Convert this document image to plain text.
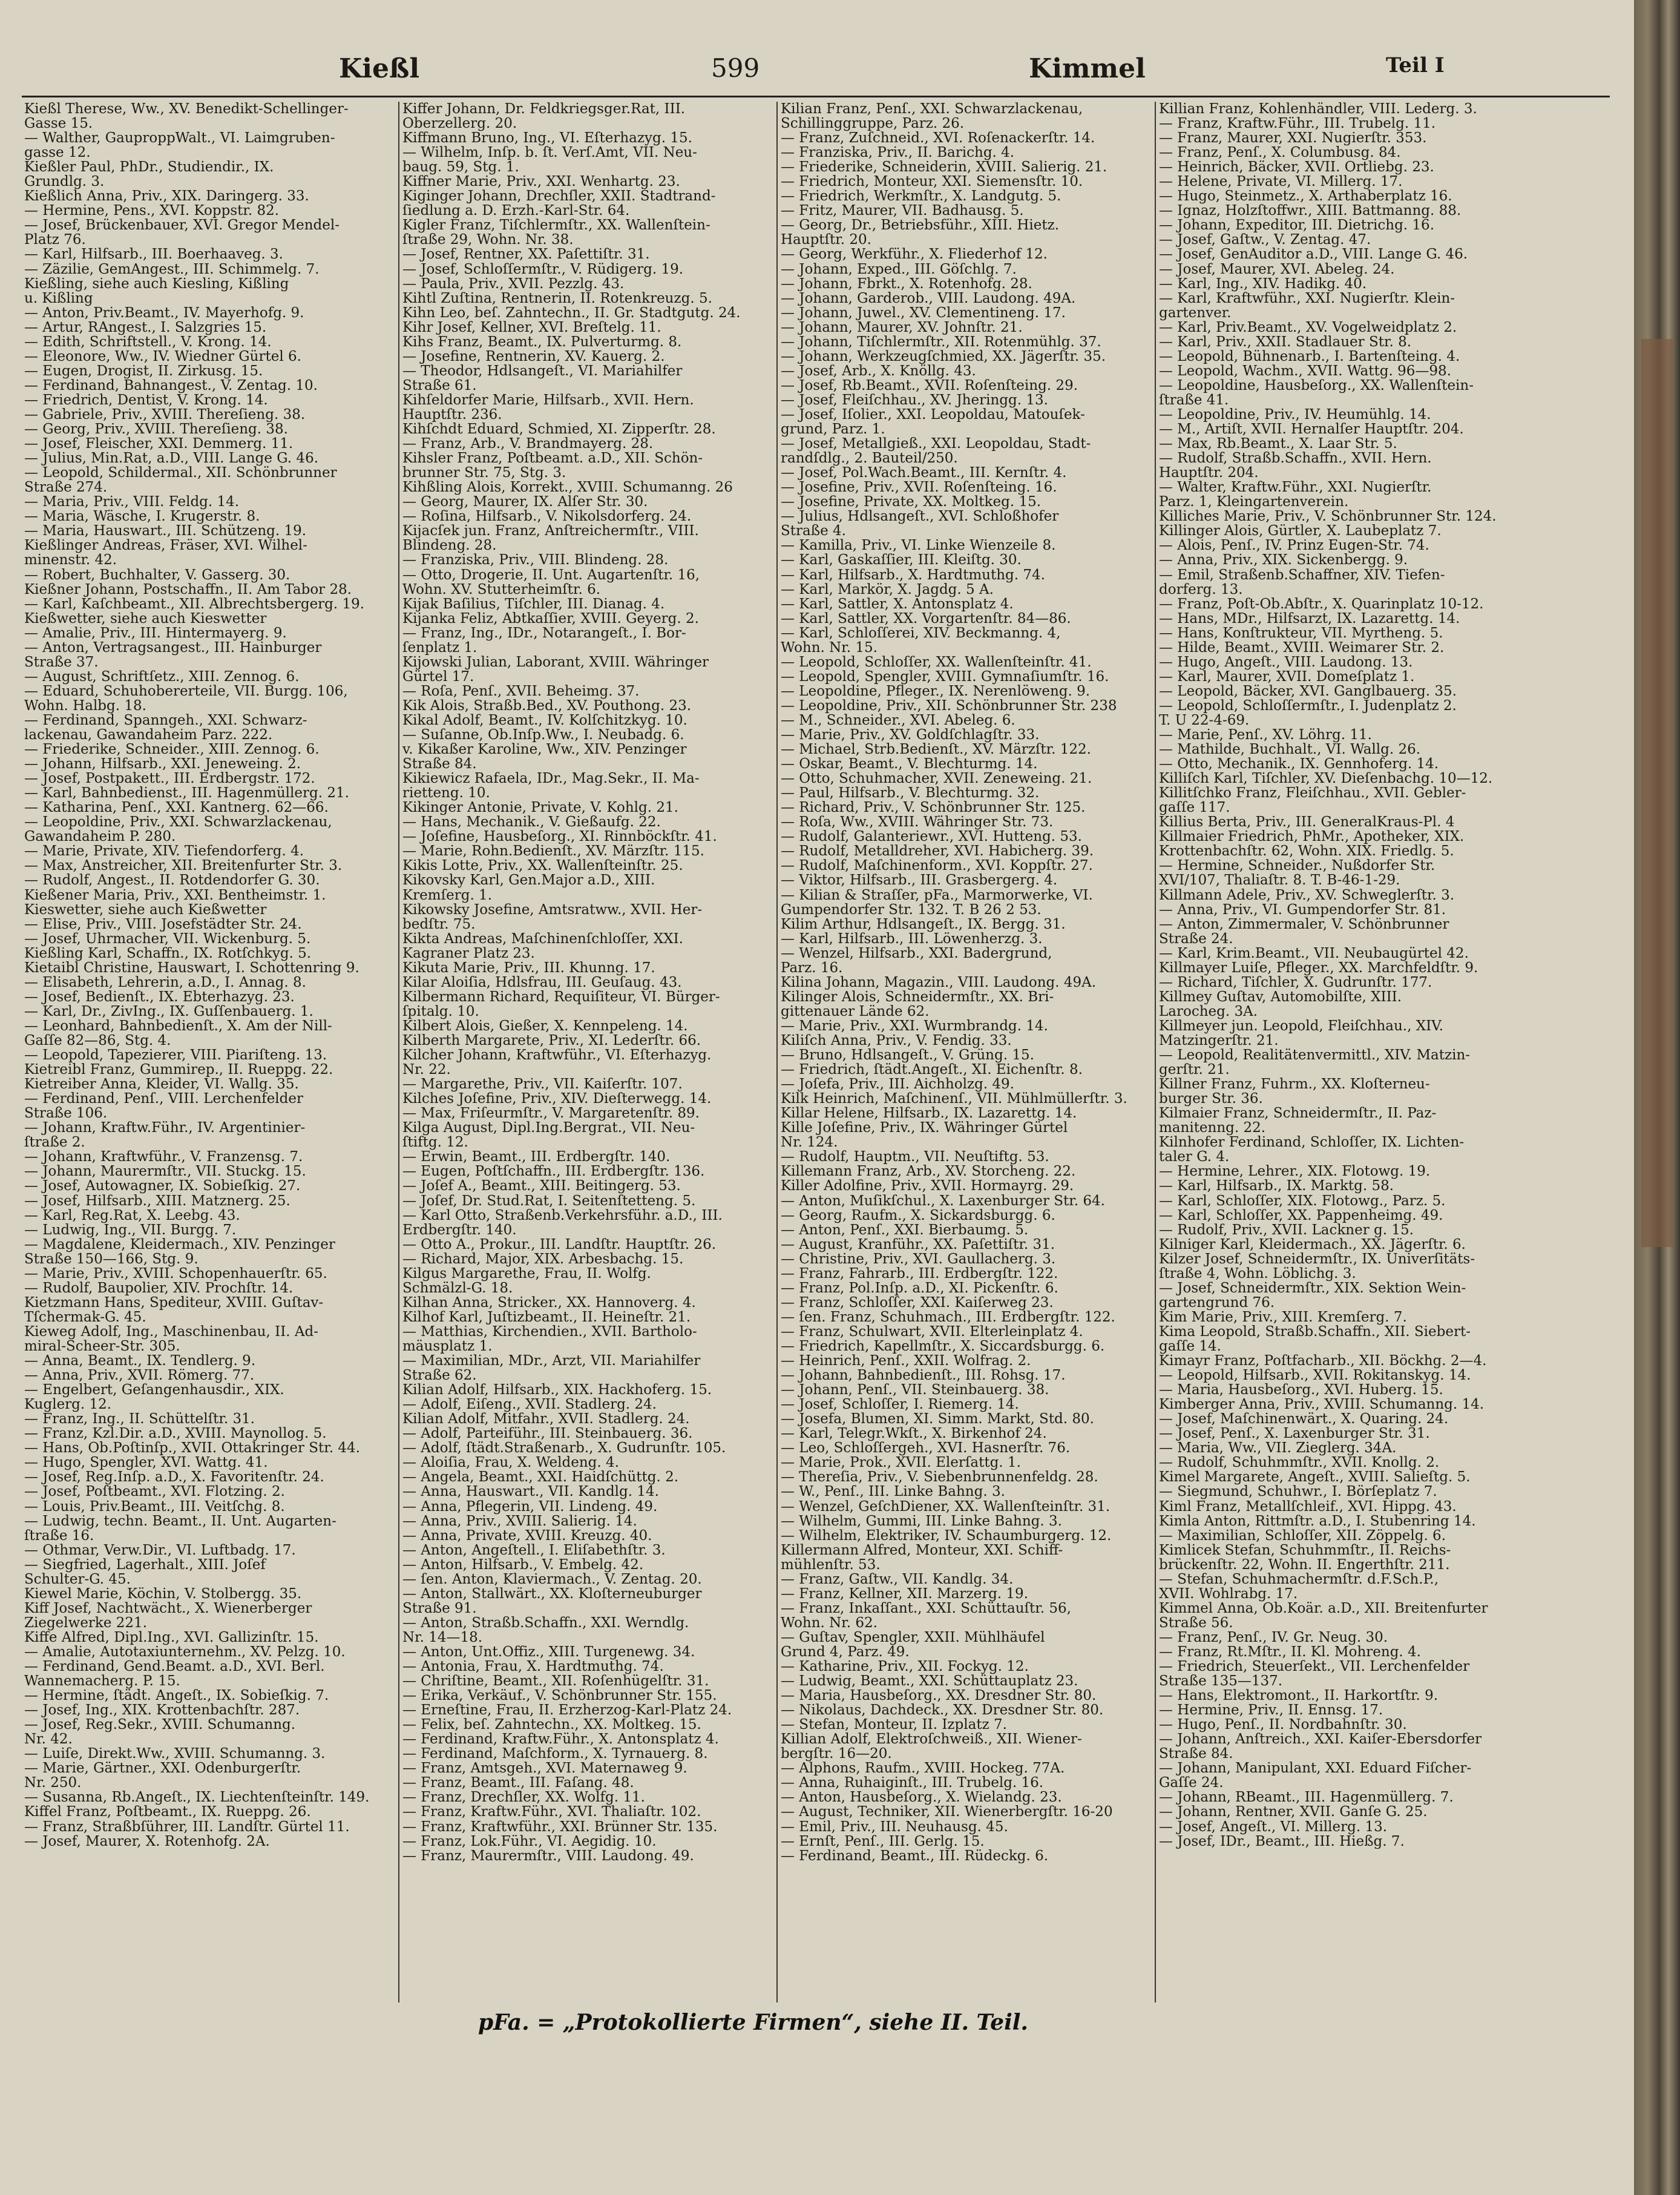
Kießl	599	Kimmel	Teil I
Kießl Therese, Ww., XV. Benedikt-Schellinger-
Gasse 15.
— Walther, GauproppWalt., VI. Laimgruben-
gasse 12.
Kießler Paul, PhDr., Studiendir., IX.
Grundlg. 3.
Kießlich Anna, Priv., XIX. Daringerg. 33.
— Hermine, Pens., XVI. Koppstr. 82.
— Josef, Brückenbauer, XVI. Gregor Mendel-
Platz 76.
— Karl, Hilfsarb., III. Boerhaaveg. 3.
— Zäzilie, GemAngest., III. Schimmelg. 7.
Kießling, siehe auch Kiesling, Kißling
u. Kißling
— Anton, Priv.Beamt., IV. Mayerhofg. 9.
— Artur, RAngest., I. Salzgries 15.
— Edith, Schriftstell., V. Krong. 14.
— Eleonore, Ww., IV. Wiedner Gürtel 6.
— Eugen, Drogist, II. Zirkusg. 15.
— Ferdinand, Bahnangest., V. Zentag. 10.
— Friedrich, Dentist, V. Krong. 14.
— Gabriele, Priv., XVIII. Thereſieng. 38.
— Georg, Priv., XVIII. Thereſieng. 38.
— Josef, Fleischer, XXI. Demmerg. 11.
— Julius, Min.Rat, a.D., VIII. Lange G. 46.
— Leopold, Schildermal., XII. Schönbrunner
Straße 274.
— Maria, Priv., VIII. Feldg. 14.
— Maria, Wäsche, I. Krugerstr. 8.
— Maria, Hauswart., III. Schützeng. 19.
Kießlinger Andreas, Fräser, XVI. Wilhel-
minenstr. 42.
— Robert, Buchhalter, V. Gasserg. 30.
Kießner Johann, Postschaffn., II. Am Tabor 28.
— Karl, Kaſchbeamt., XII. Albrechtsbergerg. 19.
Kießwetter, siehe auch Kieswetter
— Amalie, Priv., III. Hintermayerg. 9.
— Anton, Vertragsangest., III. Hainburger
Straße 37.
— August, Schriftſetz., XIII. Zennog. 6.
— Eduard, Schuhobererteile, VII. Burgg. 106,
Wohn. Halbg. 18.
— Ferdinand, Spanngeh., XXI. Schwarz-
lackenau, Gawandaheim Parz. 222.
— Friederike, Schneider., XIII. Zennog. 6.
— Johann, Hilfsarb., XXI. Jeneweing. 2.
— Josef, Postpakett., III. Erdbergstr. 172.
— Karl, Bahnbedienst., III. Hagenmüllerg. 21.
— Katharina, Penſ., XXI. Kantnerg. 62—66.
— Leopoldine, Priv., XXI. Schwarzlackenau,
Gawandaheim P. 280.
— Marie, Private, XIV. Tiefendorferg. 4.
— Max, Anstreicher, XII. Breitenfurter Str. 3.
— Rudolf, Angest., II. Rotdendorfer G. 30.
Kießener Maria, Priv., XXI. Bentheimstr. 1.
Kieswetter, siehe auch Kießwetter
— Elise, Priv., VIII. Josefstädter Str. 24.
— Josef, Uhrmacher, VII. Wickenburg. 5.
Kießling Karl, Schaffn., IX. Rotſchkyg. 5.
Kietaibl Christine, Hauswart, I. Schottenring 9.
— Elisabeth, Lehrerin, a.D., I. Annag. 8.
— Josef, Bedienſt., IX. Ebterhazyg. 23.
— Karl, Dr., ZivIng., IX. Guſſenbauerg. 1.
— Leonhard, Bahnbedienſt., X. Am der Nill-
Gaſſe 82—86, Stg. 4.
— Leopold, Tapezierer, VIII. Piariſteng. 13.
Kietreibl Franz, Gummirep., II. Rueppg. 22.
Kietreiber Anna, Kleider, VI. Wallg. 35.
— Ferdinand, Penſ., VIII. Lerchenfelder
Straße 106.
— Johann, Kraftw.Führ., IV. Argentinier-
ſtraße 2.
— Johann, Kraftwführ., V. Franzensg. 7.
— Johann, Maurermſtr., VII. Stuckg. 15.
— Josef, Autowagner, IX. Sobieſkig. 27.
— Josef, Hilfsarb., XIII. Matznerg. 25.
— Karl, Reg.Rat, X. Leebg. 43.
— Ludwig, Ing., VII. Burgg. 7.
— Magdalene, Kleidermach., XIV. Penzinger
Straße 150—166, Stg. 9.
— Marie, Priv., XVIII. Schopenhauerſtr. 65.
— Rudolf, Baupolier, XIV. Prochſtr. 14.
Kietzmann Hans, Spediteur, XVIII. Guſtav-
Tſchermak-G. 45.
Kieweg Adolf, Ing., Maschinenbau, II. Ad-
miral-Scheer-Str. 305.
— Anna, Beamt., IX. Tendlerg. 9.
— Anna, Priv., XVII. Römerg. 77.
— Engelbert, Geſangenhausdir., XIX.
Kuglerg. 12.
— Franz, Ing., II. Schüttelſtr. 31.
— Franz, Kzl.Dir. a.D., XVIII. Maynollog. 5.
— Hans, Ob.Poſtinſp., XVII. Ottakringer Str. 44.
— Hugo, Spengler, XVI. Wattg. 41.
— Josef, Reg.Inſp. a.D., X. Favoritenſtr. 24.
— Josef, Poſtbeamt., XVI. Flotzing. 2.
— Louis, Priv.Beamt., III. Veitſchg. 8.
— Ludwig, techn. Beamt., II. Unt. Augarten-
ſtraße 16.
— Othmar, Verw.Dir., VI. Luftbadg. 17.
— Siegfried, Lagerhalt., XIII. Joſef
Schulter-G. 45.
Kiewel Marie, Köchin, V. Stolbergg. 35.
Kiff Josef, Nachtwächt., X. Wienerberger
Ziegelwerke 221.
Kiffe Alfred, Dipl.Ing., XVI. Gallizinſtr. 15.
— Amalie, Autotaxiunternehm., XV. Pelzg. 10.
— Ferdinand, Gend.Beamt. a.D., XVI. Berl.
Wannemacherg. P. 15.
— Hermine, ſtädt. Angeſt., IX. Sobieſkig. 7.
— Josef, Ing., XIX. Krottenbachſtr. 287.
— Josef, Reg.Sekr., XVIII. Schumanng.
Nr. 42.
— Luiſe, Direkt.Ww., XVIII. Schumanng. 3.
— Marie, Gärtner., XXI. Odenburgerſtr.
Nr. 250.
— Susanna, Rb.Angeſt., IX. Liechtenſteinſtr. 149.
Kiffel Franz, Poſtbeamt., IX. Rueppg. 26.
— Franz, Straßbſührer, III. Landſtr. Gürtel 11.
— Josef, Maurer, X. Rotenhofg. 2A.
Kiffer Johann, Dr. Feldkriegsger.Rat, III.
Oberzellerg. 20.
Kiffmann Bruno, Ing., VI. Eſterhazyg. 15.
— Wilhelm, Inſp. b. ſt. Verſ.Amt, VII. Neu-
baug. 59, Stg. 1.
Kiffner Marie, Priv., XXI. Wenhartg. 23.
Kiginger Johann, Drechſler, XXII. Stadtrand-
ſiedlung a. D. Erzh.-Karl-Str. 64.
Kigler Franz, Tiſchlermſtr., XX. Wallenſtein-
ſtraße 29, Wohn. Nr. 38.
— Josef, Rentner, XX. Paſettiſtr. 31.
— Josef, Schloſſermſtr., V. Rüdigerg. 19.
— Paula, Priv., XVII. Pezzlg. 43.
Kihtl Zuſtina, Rentnerin, II. Rotenkreuzg. 5.
Kihn Leo, beſ. Zahntechn., II. Gr. Stadtgutg. 24.
Kihr Josef, Kellner, XVI. Breſtelg. 11.
Kihs Franz, Beamt., IX. Pulverturmg. 8.
— Josefine, Rentnerin, XV. Kauerg. 2.
— Theodor, Hdlsangeſt., VI. Mariahilfer
Straße 61.
Kihſeldorfer Marie, Hilfsarb., XVII. Hern.
Hauptſtr. 236.
Kihſchdt Eduard, Schmied, XI. Zipperſtr. 28.
— Franz, Arb., V. Brandmayerg. 28.
Kihsler Franz, Poſtbeamt. a.D., XII. Schön-
brunner Str. 75, Stg. 3.
Kihßling Alois, Korrekt., XVIII. Schumanng. 26
— Georg, Maurer, IX. Alſer Str. 30.
— Roſina, Hilfsarb., V. Nikolsdorferg. 24.
Kijacſek jun. Franz, Anſtreichermſtr., VIII.
Blindeng. 28.
— Franziska, Priv., VIII. Blindeng. 28.
— Otto, Drogerie, II. Unt. Augartenſtr. 16,
Wohn. XV. Stutterheimſtr. 6.
Kijak Baſilius, Tiſchler, III. Dianag. 4.
Kijanka Feliz, Abtkaſſier, XVIII. Geyerg. 2.
— Franz, Ing., IDr., Notarangeſt., I. Bor-
ſenplatz 1.
Kijowski Julian, Laborant, XVIII. Währinger
Gürtel 17.
— Roſa, Penſ., XVII. Beheimg. 37.
Kik Alois, Straßb.Bed., XV. Pouthong. 23.
Kikal Adolf, Beamt., IV. Kolſchitzkyg. 10.
— Suſanne, Ob.Inſp.Ww., I. Neubadg. 6.
v. Kikaßer Karoline, Ww., XIV. Penzinger
Straße 84.
Kikiewicz Rafaela, IDr., Mag.Sekr., II. Ma-
rietteng. 10.
Kikinger Antonie, Private, V. Kohlg. 21.
— Hans, Mechanik., V. Gießaufg. 22.
— Joſefine, Hausbeſorg., XI. Rinnböckſtr. 41.
— Marie, Rohn.Bedienſt., XV. Märzſtr. 115.
Kikis Lotte, Priv., XX. Wallenſteinſtr. 25.
Kikovsky Karl, Gen.Major a.D., XIII.
Kremſerg. 1.
Kikowsky Josefine, Amtsratww., XVII. Her-
bedſtr. 75.
Kikta Andreas, Maſchinenſchloſſer, XXI.
Kagraner Platz 23.
Kikuta Marie, Priv., III. Khunng. 17.
Kilar Aloiſia, Hdlsfrau, III. Geuſaug. 43.
Kilbermann Richard, Requiſiteur, VI. Bürger-
ſpitalg. 10.
Kilbert Alois, Gießer, X. Kennpeleng. 14.
Kilberth Margarete, Priv., XI. Lederſtr. 66.
Kilcher Johann, Kraftwführ., VI. Eſterhazyg.
Nr. 22.
— Margarethe, Priv., VII. Kaiſerſtr. 107.
Kilches Joſefine, Priv., XIV. Dieſterwegg. 14.
— Max, Friſeurmſtr., V. Margaretenſtr. 89.
Kilga August, Dipl.Ing.Bergrat., VII. Neu-
ſtiftg. 12.
— Erwin, Beamt., III. Erdbergſtr. 140.
— Eugen, Poſtſchaffn., III. Erdbergſtr. 136.
— Joſef A., Beamt., XIII. Beitingerg. 53.
— Joſef, Dr. Stud.Rat, I. Seitenſtetteng. 5.
— Karl Otto, Straßenb.Verkehrsführ. a.D., III.
Erdbergſtr. 140.
— Otto A., Prokur., III. Landſtr. Hauptſtr. 26.
— Richard, Major, XIX. Arbesbachg. 15.
Kilgus Margarethe, Frau, II. Wolfg.
Schmälzl-G. 18.
Kilhan Anna, Stricker., XX. Hannoverg. 4.
Kilhof Karl, Juſtizbeamt., II. Heineſtr. 21.
— Matthias, Kirchendien., XVII. Bartholo-
mäusplatz 1.
— Maximilian, MDr., Arzt, VII. Mariahilfer
Straße 62.
Kilian Adolf, Hilfsarb., XIX. Hackhoferg. 15.
— Adolf, Eiſeng., XVII. Stadlerg. 24.
Kilian Adolf, Mitfahr., XVII. Stadlerg. 24.
— Adolf, Parteiführ., III. Steinbauerg. 36.
— Adolf, ſtädt.Straßenarb., X. Gudrunſtr. 105.
— Aloiſia, Frau, X. Weldeng. 4.
— Angela, Beamt., XXI. Haidſchüttg. 2.
— Anna, Hauswart., VII. Kandlg. 14.
— Anna, Pflegerin, VII. Lindeng. 49.
— Anna, Priv., XVIII. Salierig. 14.
— Anna, Private, XVIII. Kreuzg. 40.
— Anton, Angeſtell., I. Eliſabethſtr. 3.
— Anton, Hilfsarb., V. Embelg. 42.
— ſen. Anton, Klaviermach., V. Zentag. 20.
— Anton, Stallwärt., XX. Kloſterneuburger
Straße 91.
— Anton, Straßb.Schaffn., XXI. Werndlg.
Nr. 14—18.
— Anton, Unt.Offiz., XIII. Turgenewg. 34.
— Antonia, Frau, X. Hardtmuthg. 74.
— Chriſtine, Beamt., XII. Roſenhügelſtr. 31.
— Erika, Verkäuf., V. Schönbrunner Str. 155.
— Erneſtine, Frau, II. Erzherzog-Karl-Platz 24.
— Felix, beſ. Zahntechn., XX. Moltkeg. 15.
— Ferdinand, Kraftw.Führ., X. Antonsplatz 4.
— Ferdinand, Maſchform., X. Tyrnauerg. 8.
— Franz, Amtsgeh., XVI. Maternaweg 9.
— Franz, Beamt., III. Faſang. 48.
— Franz, Drechſler, XX. Wolfg. 11.
— Franz, Kraftw.Führ., XVI. Thaliaſtr. 102.
— Franz, Kraftwführ., XXI. Brünner Str. 135.
— Franz, Lok.Führ., VI. Aegidig. 10.
— Franz, Maurermſtr., VIII. Laudong. 49.
Kilian Franz, Penſ., XXI. Schwarzlackenau,
Schillinggruppe, Parz. 26.
— Franz, Zuſchneid., XVI. Roſenackerſtr. 14.
— Franziska, Priv., II. Barichg. 4.
— Friederike, Schneiderin, XVIII. Salierig. 21.
— Friedrich, Monteur, XXI. Siemensſtr. 10.
— Friedrich, Werkmſtr., X. Landgutg. 5.
— Fritz, Maurer, VII. Badhausg. 5.
— Georg, Dr., Betriebsführ., XIII. Hietz.
Hauptſtr. 20.
— Georg, Werkführ., X. Fliederhof 12.
— Johann, Exped., III. Göſchlg. 7.
— Johann, Fbrkt., X. Rotenhofg. 28.
— Johann, Garderob., VIII. Laudong. 49A.
— Johann, Juwel., XV. Clementineng. 17.
— Johann, Maurer, XV. Johnſtr. 21.
— Johann, Tiſchlermſtr., XII. Rotenmühlg. 37.
— Johann, Werkzeugſchmied, XX. Jägerſtr. 35.
— Josef, Arb., X. Knöllg. 43.
— Josef, Rb.Beamt., XVII. Roſenſteing. 29.
— Josef, Fleiſchhau., XV. Jheringg. 13.
— Josef, Iſolier., XXI. Leopoldau, Matouſek-
grund, Parz. 1.
— Josef, Metallgieß., XXI. Leopoldau, Stadt-
randſdlg., 2. Bauteil/250.
— Josef, Pol.Wach.Beamt., III. Kernſtr. 4.
— Josefine, Priv., XVII. Roſenſteing. 16.
— Josefine, Private, XX. Moltkeg. 15.
— Julius, Hdlsangeſt., XVI. Schloßhofer
Straße 4.
— Kamilla, Priv., VI. Linke Wienzeile 8.
— Karl, Gaskaſſier, III. Kleiſtg. 30.
— Karl, Hilfsarb., X. Hardtmuthg. 74.
— Karl, Markör, X. Jagdg. 5 A.
— Karl, Sattler, X. Antonsplatz 4.
— Karl, Sattler, XX. Vorgartenſtr. 84—86.
— Karl, Schloſſerei, XIV. Beckmanng. 4,
Wohn. Nr. 15.
— Leopold, Schloſſer, XX. Wallenſteinſtr. 41.
— Leopold, Spengler, XVIII. Gymnaſiumſtr. 16.
— Leopoldine, Pfleger., IX. Nerenlöweng. 9.
— Leopoldine, Priv., XII. Schönbrunner Str. 238
— M., Schneider., XVI. Abeleg. 6.
— Marie, Priv., XV. Goldſchlagſtr. 33.
— Michael, Strb.Bedienſt., XV. Märzſtr. 122.
— Oskar, Beamt., V. Blechturmg. 14.
— Otto, Schuhmacher, XVII. Zeneweing. 21.
— Paul, Hilfsarb., V. Blechturmg. 32.
— Richard, Priv., V. Schönbrunner Str. 125.
— Roſa, Ww., XVIII. Währinger Str. 73.
— Rudolf, Galanteriewr., XVI. Hutteng. 53.
— Rudolf, Metalldreher, XVI. Habicherg. 39.
— Rudolf, Maſchinenform., XVI. Koppſtr. 27.
— Viktor, Hilfsarb., III. Grasbergerg. 4.
— Kilian & Straſſer, pFa., Marmorwerke, VI.
Gumpendorfer Str. 132. T. B 26 2 53.
Kilim Arthur, Hdlsangeſt., IX. Bergg. 31.
— Karl, Hilfsarb., III. Löwenherzg. 3.
— Wenzel, Hilfsarb., XXI. Badergrund,
Parz. 16.
Kilina Johann, Magazin., VIII. Laudong. 49A.
Kilinger Alois, Schneidermſtr., XX. Bri-
gittenauer Lände 62.
— Marie, Priv., XXI. Wurmbrandg. 14.
Kiliſch Anna, Priv., V. Fendig. 33.
— Bruno, Hdlsangeſt., V. Grüng. 15.
— Friedrich, ſtädt.Angeſt., XI. Eichenſtr. 8.
— Joſefa, Priv., III. Aichholzg. 49.
Kilk Heinrich, Maſchinenſ., VII. Mühlmüllerſtr. 3.
Killar Helene, Hilfsarb., IX. Lazarettg. 14.
Kille Joſefine, Priv., IX. Währinger Gürtel
Nr. 124.
— Rudolf, Hauptm., VII. Neuſtiftg. 53.
Killemann Franz, Arb., XV. Storcheng. 22.
Killer Adolfine, Priv., XVII. Hormayrg. 29.
— Anton, Muſikſchul., X. Laxenburger Str. 64.
— Georg, Raufm., X. Sickardsburgg. 6.
— Anton, Penſ., XXI. Bierbaumg. 5.
— August, Kranführ., XX. Paſettiſtr. 31.
— Christine, Priv., XVI. Gaullacherg. 3.
— Franz, Fahrarb., III. Erdbergſtr. 122.
— Franz, Pol.Inſp. a.D., XI. Pickenſtr. 6.
— Franz, Schloſſer, XXI. Kaiſerweg 23.
— ſen. Franz, Schuhmach., III. Erdbergſtr. 122.
— Franz, Schulwart, XVII. Elterleinplatz 4.
— Friedrich, Kapellmſtr., X. Siccardsburgg. 6.
— Heinrich, Penſ., XXII. Wolfrag. 2.
— Johann, Bahnbedienſt., III. Rohsg. 17.
— Johann, Penſ., VII. Steinbauerg. 38.
— Josef, Schloſſer, I. Riemerg. 14.
— Josefa, Blumen, XI. Simm. Markt, Std. 80.
— Karl, Telegr.Wkſt., X. Birkenhof 24.
— Leo, Schloſſergeh., XVI. Hasnerſtr. 76.
— Marie, Prok., XVII. Elerſattg. 1.
— Thereſia, Priv., V. Siebenbrunnenfeldg. 28.
— W., Penſ., III. Linke Bahng. 3.
— Wenzel, GeſchDiener, XX. Wallenſteinſtr. 31.
— Wilhelm, Gummi, III. Linke Bahng. 3.
— Wilhelm, Elektriker, IV. Schaumburgerg. 12.
Killermann Alfred, Monteur, XXI. Schiff-
mühlenſtr. 53.
— Franz, Gaſtw., VII. Kandlg. 34.
— Franz, Kellner, XII. Marzerg. 19.
— Franz, Inkaſſant., XXI. Schüttauſtr. 56,
Wohn. Nr. 62.
— Guſtav, Spengler, XXII. Mühlhäufel
Grund 4, Parz. 49.
— Katharine, Priv., XII. Fockyg. 12.
— Ludwig, Beamt., XXI. Schüttauplatz 23.
— Maria, Hausbeſorg., XX. Dresdner Str. 80.
— Nikolaus, Dachdeck., XX. Dresdner Str. 80.
— Stefan, Monteur, II. Izplatz 7.
Killian Adolf, Elektroſchweiß., XII. Wiener-
bergſtr. 16—20.
— Alphons, Raufm., XVIII. Hockeg. 77A.
— Anna, Ruhaiginſt., III. Trubelg. 16.
— Anton, Hausbeſorg., X. Wielandg. 23.
— August, Techniker, XII. Wienerbergſtr. 16-20
— Emil, Priv., III. Neuhausg. 45.
— Ernſt, Penſ., III. Gerlg. 15.
— Ferdinand, Beamt., III. Rüdeckg. 6.
Killian Franz, Kohlenhändler, VIII. Lederg. 3.
— Franz, Kraftw.Führ., III. Trubelg. 11.
— Franz, Maurer, XXI. Nugierſtr. 353.
— Franz, Penſ., X. Columbusg. 84.
— Heinrich, Bäcker, XVII. Ortliebg. 23.
— Helene, Private, VI. Millerg. 17.
— Hugo, Steinmetz., X. Arthaberplatz 16.
— Ignaz, Holzſtoffwr., XIII. Battmanng. 88.
— Johann, Expeditor, III. Dietrichg. 16.
— Josef, Gaſtw., V. Zentag. 47.
— Josef, GenAuditor a.D., VIII. Lange G. 46.
— Josef, Maurer, XVI. Abeleg. 24.
— Karl, Ing., XIV. Hadikg. 40.
— Karl, Kraftwführ., XXI. Nugierſtr. Klein-
gartenver.
— Karl, Priv.Beamt., XV. Vogelweidplatz 2.
— Karl, Priv., XXII. Stadlauer Str. 8.
— Leopold, Bühnenarb., I. Bartenſteing. 4.
— Leopold, Wachm., XVII. Wattg. 96—98.
— Leopoldine, Hausbeſorg., XX. Wallenſtein-
ſtraße 41.
— Leopoldine, Priv., IV. Heumühlg. 14.
— M., Artiſt, XVII. Hernalſer Hauptſtr. 204.
— Max, Rb.Beamt., X. Laar Str. 5.
— Rudolf, Straßb.Schaffn., XVII. Hern.
Hauptſtr. 204.
— Walter, Kraftw.Führ., XXI. Nugierſtr.
Parz. 1, Kleingartenverein.
Killiches Marie, Priv., V. Schönbrunner Str. 124.
Killinger Alois, Gürtler, X. Laubeplatz 7.
— Alois, Penſ., IV. Prinz Eugen-Str. 74.
— Anna, Priv., XIX. Sickenbergg. 9.
— Emil, Straßenb.Schaffner, XIV. Tiefen-
dorferg. 13.
— Franz, Poſt-Ob.Abſtr., X. Quarinplatz 10-12.
— Hans, MDr., Hilfsarzt, IX. Lazarettg. 14.
— Hans, Konſtrukteur, VII. Myrtheng. 5.
— Hilde, Beamt., XVIII. Weimarer Str. 2.
— Hugo, Angeſt., VIII. Laudong. 13.
— Karl, Maurer, XVII. Domeſplatz 1.
— Leopold, Bäcker, XVI. Ganglbauerg. 35.
— Leopold, Schloſſermſtr., I. Judenplatz 2.
T. U 22-4-69.
— Marie, Penſ., XV. Löhrg. 11.
— Mathilde, Buchhalt., VI. Wallg. 26.
— Otto, Mechanik., IX. Gennhoferg. 14.
Killiſch Karl, Tiſchler, XV. Dieſenbachg. 10—12.
Killitſchko Franz, Fleiſchhau., XVII. Gebler-
gaſſe 117.
Killius Berta, Priv., III. GeneralKraus-Pl. 4
Killmaier Friedrich, PhMr., Apotheker, XIX.
Krottenbachſtr. 62, Wohn. XIX. Friedlg. 5.
— Hermine, Schneider., Nußdorfer Str.
XVI/107, Thaliaſtr. 8. T. B-46-1-29.
Killmann Adele, Priv., XV. Schweglerſtr. 3.
— Anna, Priv., VI. Gumpendorfer Str. 81.
— Anton, Zimmermaler, V. Schönbrunner
Straße 24.
— Karl, Krim.Beamt., VII. Neubaugürtel 42.
Killmayer Luiſe, Pfleger., XX. Marchfeldſtr. 9.
— Richard, Tiſchler, X. Gudrunſtr. 177.
Killmey Guſtav, Automobilſte, XIII.
Larocheg. 3A.
Killmeyer jun. Leopold, Fleiſchhau., XIV.
Matzingerſtr. 21.
— Leopold, Realitätenvermittl., XIV. Matzin-
gerſtr. 21.
Killner Franz, Fuhrm., XX. Kloſterneu-
burger Str. 36.
Kilmaier Franz, Schneidermſtr., II. Paz-
manitenng. 22.
Kilnhofer Ferdinand, Schloſſer, IX. Lichten-
taler G. 4.
— Hermine, Lehrer., XIX. Flotowg. 19.
— Karl, Hilfsarb., IX. Marktg. 58.
— Karl, Schloſſer, XIX. Flotowg., Parz. 5.
— Karl, Schloſſer, XX. Pappenheimg. 49.
— Rudolf, Priv., XVII. Lackner g. 15.
Kilniger Karl, Kleidermach., XX. Jägerſtr. 6.
Kilzer Josef, Schneidermſtr., IX. Univerſitäts-
ſtraße 4, Wohn. Löblichg. 3.
— Josef, Schneidermſtr., XIX. Sektion Wein-
gartengrund 76.
Kim Marie, Priv., XIII. Kremſerg. 7.
Kima Leopold, Straßb.Schaffn., XII. Siebert-
gaſſe 14.
Kimayr Franz, Poſtfacharb., XII. Böckhg. 2—4.
— Leopold, Hilfsarb., XVII. Rokitanskyg. 14.
— Maria, Hausbeſorg., XVI. Huberg. 15.
Kimberger Anna, Priv., XVIII. Schumanng. 14.
— Josef, Maſchinenwärt., X. Quaring. 24.
— Josef, Penſ., X. Laxenburger Str. 31.
— Maria, Ww., VII. Zieglerg. 34A.
— Rudolf, Schuhmmſtr., XVII. Knollg. 2.
Kimel Margarete, Angeſt., XVIII. Salieſtg. 5.
— Siegmund, Schuhwr., I. Börſeplatz 7.
Kiml Franz, Metallſchleif., XVI. Hippg. 43.
Kimla Anton, Rittmſtr. a.D., I. Stubenring 14.
— Maximilian, Schloſſer, XII. Zöppelg. 6.
Kimlicek Stefan, Schuhmmſtr., II. Reichs-
brückenſtr. 22, Wohn. II. Engerthſtr. 211.
— Stefan, Schuhmachermſtr. d.F.Sch.P.,
XVII. Wohlrabg. 17.
Kimmel Anna, Ob.Koär. a.D., XII. Breitenfurter
Straße 56.
— Franz, Penſ., IV. Gr. Neug. 30.
— Franz, Rt.Mſtr., II. Kl. Mohreng. 4.
— Friedrich, Steuerſekt., VII. Lerchenfelder
Straße 135—137.
— Hans, Elektromont., II. Harkortſtr. 9.
— Hermine, Priv., II. Ennsg. 17.
— Hugo, Penſ., II. Nordbahnſtr. 30.
— Johann, Anſtreich., XXI. Kaiſer-Ebersdorfer
Straße 84.
— Johann, Manipulant, XXI. Eduard Fiſcher-
Gaſſe 24.
— Johann, RBeamt., III. Hagenmüllerg. 7.
— Johann, Rentner, XVII. Ganſe G. 25.
— Josef, Angeſt., VI. Millerg. 13.
— Josef, IDr., Beamt., III. Hießg. 7.
pFa. = „Protokollierte Firmen“, siehe II. Teil.
